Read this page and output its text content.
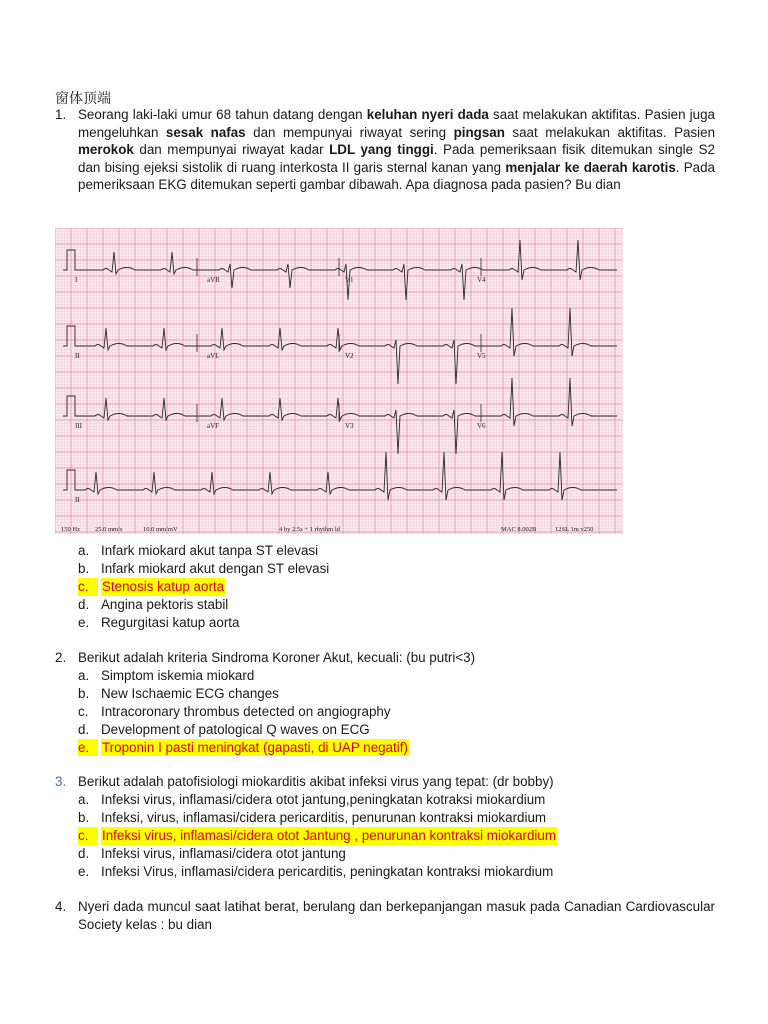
窗体顶端
1. Seorang laki-laki umur 68 tahun datang dengan keluhan nyeri dada saat melakukan aktifitas. Pasien juga mengeluhkan sesak nafas dan mempunyai riwayat sering pingsan saat melakukan aktifitas. Pasien merokok dan mempunyai riwayat kadar LDL yang tinggi. Pada pemeriksaan fisik ditemukan single S2 dan bising ejeksi sistolik di ruang interkosta II garis sternal kanan yang menjalar ke daerah karotis. Pada pemeriksaan EKG ditemukan seperti gambar dibawah. Apa diagnosa pada pasien? Bu dian
I	aVR	V1	V4
II	aVL	V2	V5
III	aVF	V3	V6
II
150 Hz 25.0 mm/s	10.0 mm/mV	4 by 2.5s + 1 rhythm ld	MAC 8.002B	12SL 1m v250
a. Infark miokard akut tanpa ST elevasi
b. Infark miokard akut dengan ST elevasi
c.	Stenosis katup aorta
d. Angina pektoris stabil
e. Regurgitasi katup aorta
2. Berikut adalah kriteria Sindroma Koroner Akut, kecuali: (bu putri<3)
a. Simptom iskemia miokard
b. New Ischaemic ECG changes
c. Intracoronary thrombus detected on angiography
d. Development of patological Q waves on ECG
e. Troponin I pasti meningkat (gapasti, di UAP negatif)
3. Berikut adalah patofisiologi miokarditis akibat infeksi virus yang tepat: (dr bobby)
a. Infeksi virus, inflamasi/cidera otot jantung,peningkatan kotraksi miokardium
b. Infeksi, virus, inflamasi/cidera pericarditis, penurunan kontraksi miokardium
c.	Infeksi virus, inflamasi/cidera otot Jantung , penurunan kontraksi miokardium
d. Infeksi virus, inflamasi/cidera otot jantung
e. Infeksi Virus, inflamasi/cidera pericarditis, peningkatan kontraksi miokardium
4. Nyeri dada muncul saat latihat berat, berulang dan berkepanjangan masuk pada Canadian Cardiovascular Society kelas : bu dian
